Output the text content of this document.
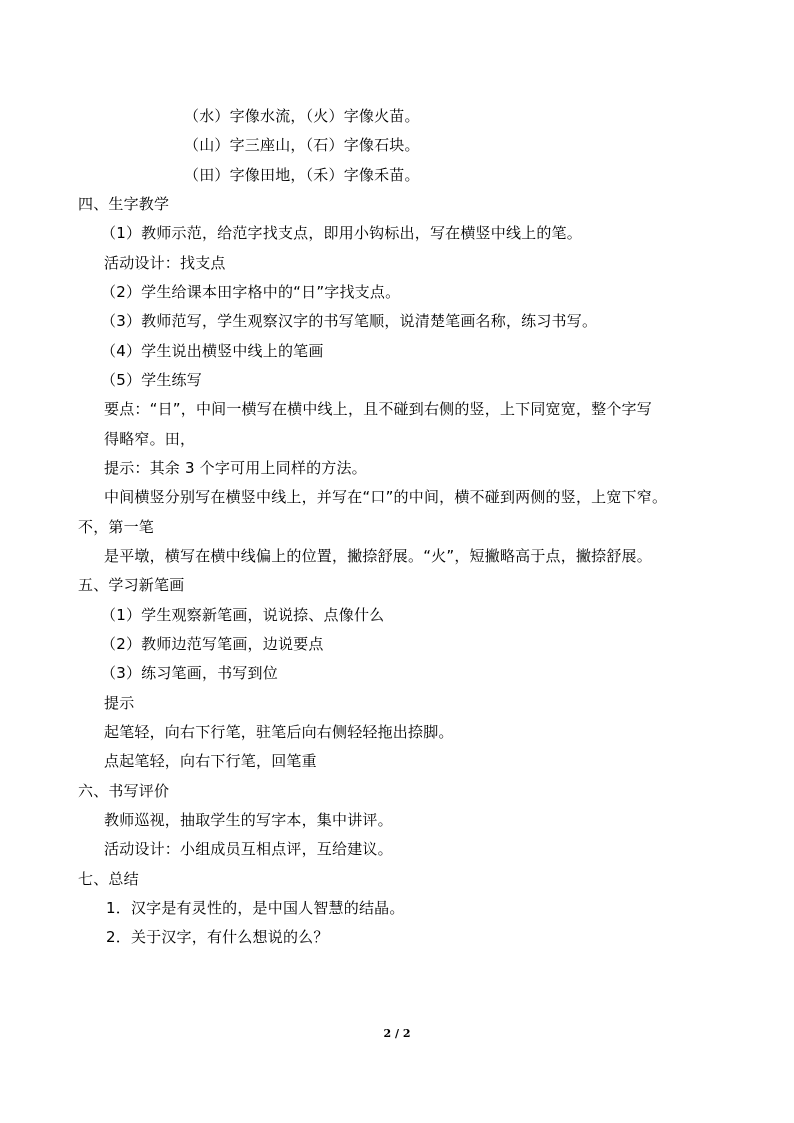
（水）字像水流，（火）字像火苗。
（山）字三座山，（石）字像石块。
（田）字像田地，（禾）字像禾苗。
四、生字教学
（1）教师示范，给范字找支点，即用小钩标出，写在横竖中线上的笔。
活动设计：找支点
（2）学生给课本田字格中的“日”字找支点。
（3）教师范写，学生观察汉字的书写笔顺，说清楚笔画名称，练习书写。
（4）学生说出横竖中线上的笔画
（5）学生练写
要点：“日”，中间一横写在横中线上，且不碰到右侧的竖，上下同宽宽，整个字写
得略窄。田，
提示：其余 3 个字可用上同样的方法。
中间横竖分别写在横竖中线上，并写在“口”的中间，横不碰到两侧的竖，上宽下窄。
不，第一笔
是平墩，横写在横中线偏上的位置，撇捺舒展。“火”，短撇略高于点，撇捺舒展。
五、学习新笔画
（1）学生观察新笔画，说说捺、点像什么
（2）教师边范写笔画，边说要点
（3）练习笔画，书写到位
提示
起笔轻，向右下行笔，驻笔后向右侧轻轻拖出捺脚。
点起笔轻，向右下行笔，回笔重
六、书写评价
教师巡视，抽取学生的写字本，集中讲评。
活动设计：小组成员互相点评，互给建议。
七、总结
1．汉字是有灵性的，是中国人智慧的结晶。
2．关于汉字，有什么想说的么？
2 / 2
